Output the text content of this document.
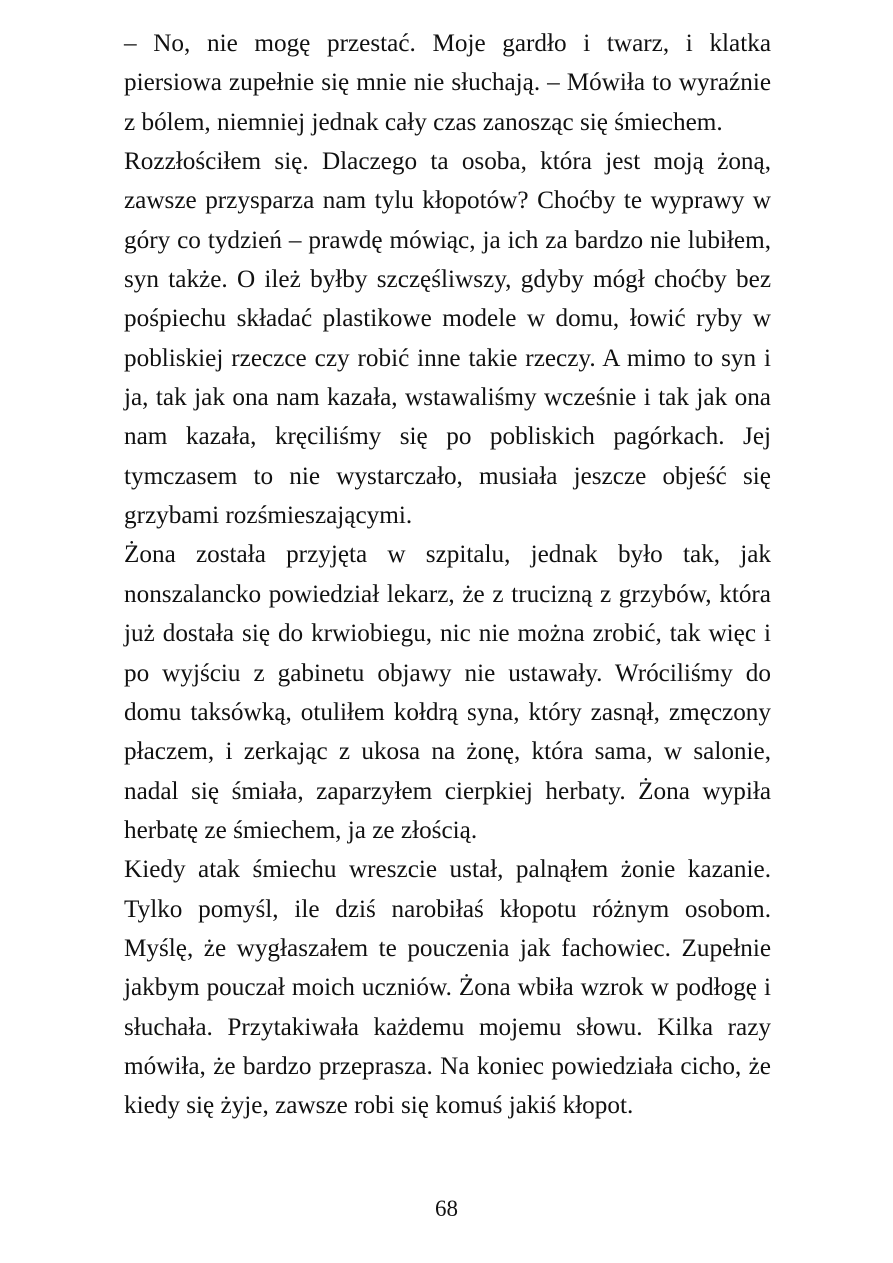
– No, nie mogę przestać. Moje gardło i twarz, i klatka piersiowa zupełnie się mnie nie słuchają. – Mówiła to wyraźnie z bólem, niemniej jednak cały czas zanosząc się śmiechem.

Rozzłościłem się. Dlaczego ta osoba, która jest moją żoną, zawsze przysparza nam tylu kłopotów? Choćby te wyprawy w góry co tydzień – prawdę mówiąc, ja ich za bardzo nie lubiłem, syn także. O ileż byłby szczęśliwszy, gdyby mógł choćby bez pośpiechu składać plastikowe modele w domu, łowić ryby w pobliskiej rzeczce czy robić inne takie rzeczy. A mimo to syn i ja, tak jak ona nam kazała, wstawaliśmy wcześnie i tak jak ona nam kazała, kręciliśmy się po pobliskich pagórkach. Jej tymczasem to nie wystarczało, musiała jeszcze objeść się grzybami rozśmieszającymi.

Żona została przyjęta w szpitalu, jednak było tak, jak nonszalancko powiedział lekarz, że z trucizną z grzybów, która już dostała się do krwiobiegu, nic nie można zrobić, tak więc i po wyjściu z gabinetu objawy nie ustawały. Wróciliśmy do domu taksówką, otuliłem kołdrą syna, który zasnął, zmęczony płaczem, i zerkając z ukosa na żonę, która sama, w salonie, nadal się śmiała, zaparzyłem cierpkiej herbaty. Żona wypiła herbatę ze śmiechem, ja ze złością.

Kiedy atak śmiechu wreszcie ustał, palnąłem żonie kazanie. Tylko pomyśl, ile dziś narobiłaś kłopotu różnym osobom. Myślę, że wygłaszałem te pouczenia jak fachowiec. Zupełnie jakbym pouczał moich uczniów. Żona wbiła wzrok w podłogę i słuchała. Przytakiwała każdemu mojemu słowu. Kilka razy mówiła, że bardzo przeprasza. Na koniec powiedziała cicho, że kiedy się żyje, zawsze robi się komuś jakiś kłopot.

68
